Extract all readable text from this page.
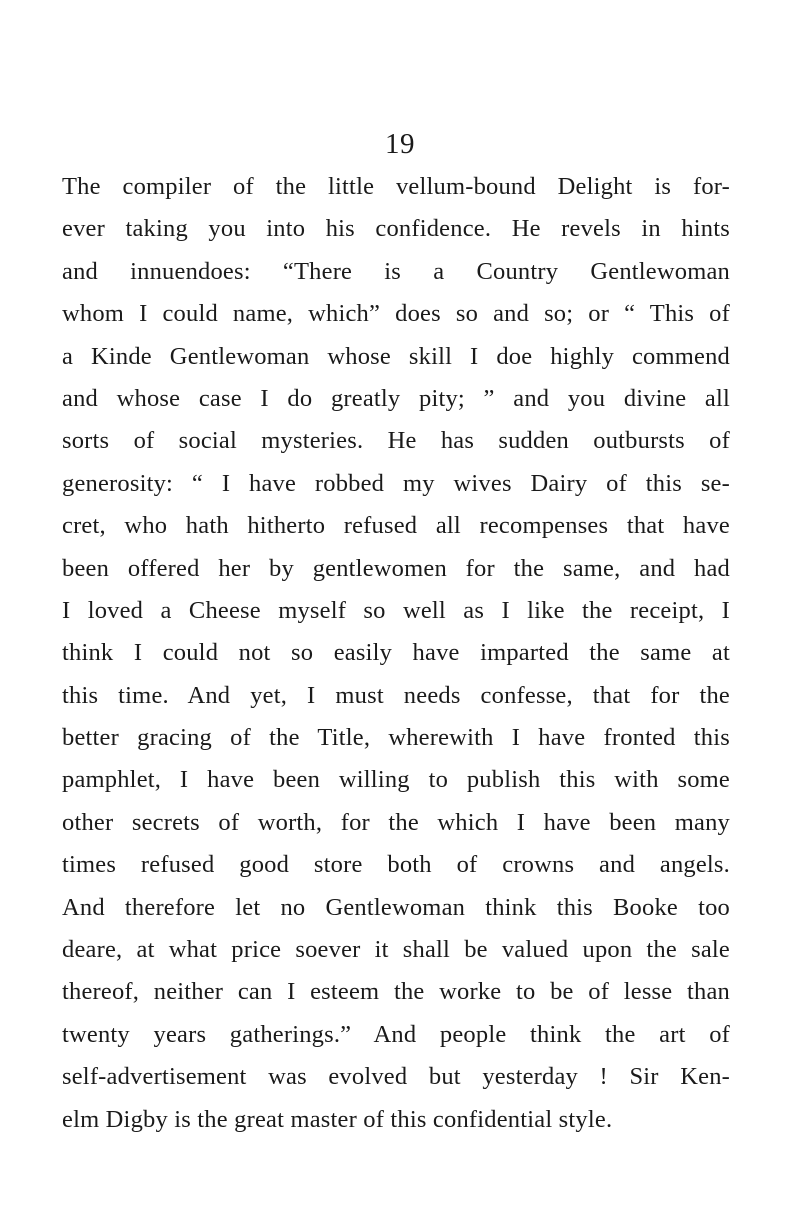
19
The compiler of the little vellum-bound Delight is for-
ever taking you into his confidence. He revels in hints
and innuendoes: “There is a Country Gentlewoman
whom I could name, which” does so and so; or “ This of
a Kinde Gentlewoman whose skill I doe highly commend
and whose case I do greatly pity; ” and you divine all
sorts of social mysteries. He has sudden outbursts of
generosity: “ I have robbed my wives Dairy of this se-
cret, who hath hitherto refused all recompenses that have
been offered her by gentlewomen for the same, and had
I loved a Cheese myself so well as I like the receipt, I
think I could not so easily have imparted the same at
this time. And yet, I must needs confesse, that for the
better gracing of the Title, wherewith I have fronted this
pamphlet, I have been willing to publish this with some
other secrets of worth, for the which I have been many
times refused good store both of crowns and angels.
And therefore let no Gentlewoman think this Booke too
deare, at what price soever it shall be valued upon the sale
thereof, neither can I esteem the worke to be of lesse than
twenty years gatherings.” And people think the art of
self-advertisement was evolved but yesterday ! Sir Ken-
elm Digby is the great master of this confidential style.
